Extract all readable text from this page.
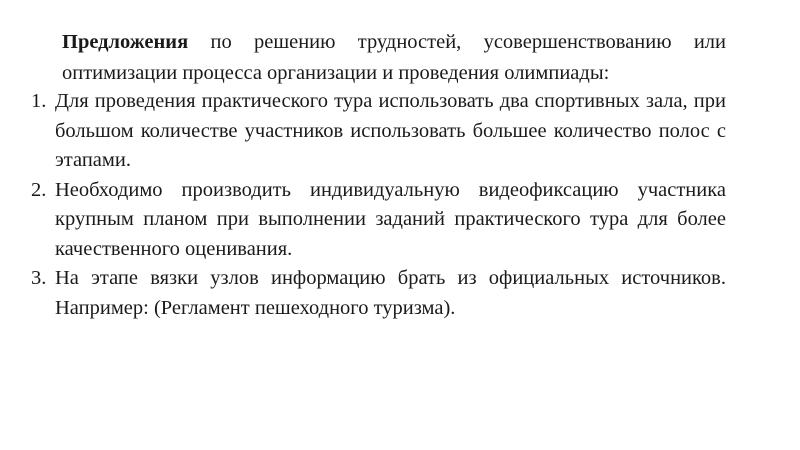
Предложения по решению трудностей, усовершенствованию или оптимизации процесса организации и проведения олимпиады:

1. Для проведения практического тура использовать два спортивных зала, при большом количестве участников использовать большее количество полос с этапами.
2. Необходимо производить индивидуальную видеофиксацию участника крупным планом при выполнении заданий практического тура для более качественного оценивания.
3. На этапе вязки узлов информацию брать из официальных источников. Например: (Регламент пешеходного туризма).
